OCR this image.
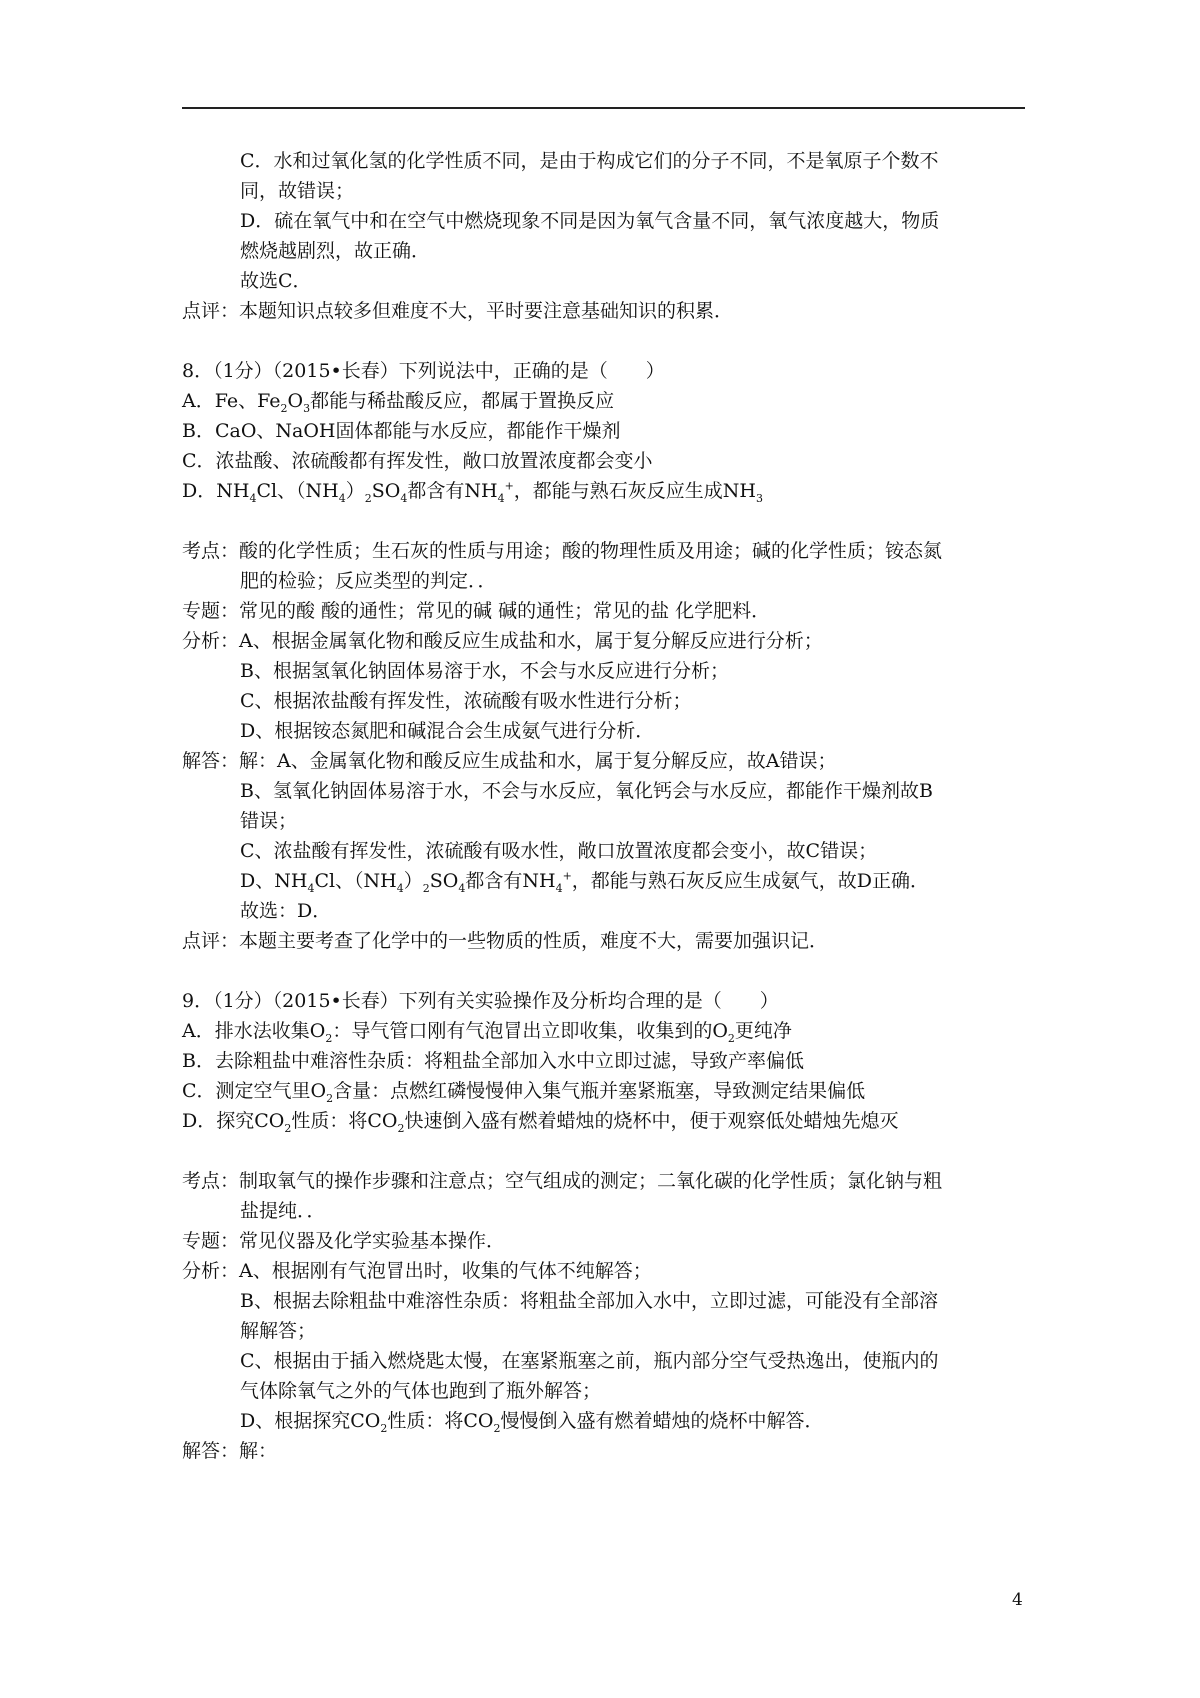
C．水和过氧化氢的化学性质不同，是由于构成它们的分子不同，不是氧原子个数不
同，故错误；
D．硫在氧气中和在空气中燃烧现象不同是因为氧气含量不同，氧气浓度越大，物质
燃烧越剧烈，故正确．
故选C．
点评：本题知识点较多但难度不大，平时要注意基础知识的积累．
8．（1分）（2015•长春）下列说法中，正确的是（　　）
A．Fe、$Fe_2O_3$都能与稀盐酸反应，都属于置换反应
B．CaO、NaOH固体都能与水反应，都能作干燥剂
C．浓盐酸、浓硫酸都有挥发性，敞口放置浓度都会变小
D．$NH_4Cl$、$(NH_4)_2SO_4$都含有$NH_4^+$，都能与熟石灰反应生成$NH_3$
考点：酸的化学性质；生石灰的性质与用途；酸的物理性质及用途；碱的化学性质；铵态氮
肥的检验；反应类型的判定．．
专题：常见的酸 酸的通性；常见的碱 碱的通性；常见的盐 化学肥料．
分析：A、根据金属氧化物和酸反应生成盐和水，属于复分解反应进行分析；
B、根据氢氧化钠固体易溶于水，不会与水反应进行分析；
C、根据浓盐酸有挥发性，浓硫酸有吸水性进行分析；
D、根据铵态氮肥和碱混合会生成氨气进行分析．
解答：解：A、金属氧化物和酸反应生成盐和水，属于复分解反应，故A错误；
B、氢氧化钠固体易溶于水，不会与水反应，氧化钙会与水反应，都能作干燥剂故B
错误；
C、浓盐酸有挥发性，浓硫酸有吸水性，敞口放置浓度都会变小，故C错误；
D、$NH_4Cl$、$(NH_4)_2SO_4$都含有$NH_4^+$，都能与熟石灰反应生成氨气，故D正确．
故选：D．
点评：本题主要考查了化学中的一些物质的性质，难度不大，需要加强识记．
9．（1分）（2015•长春）下列有关实验操作及分析均合理的是（　　）
A．排水法收集$O_2$：导气管口刚有气泡冒出立即收集，收集到的$O_2$更纯净
B．去除粗盐中难溶性杂质：将粗盐全部加入水中立即过滤，导致产率偏低
C．测定空气里$O_2$含量：点燃红磷慢慢伸入集气瓶并塞紧瓶塞，导致测定结果偏低
D．探究$CO_2$性质：将$CO_2$快速倒入盛有燃着蜡烛的烧杯中，便于观察低处蜡烛先熄灭
考点：制取氧气的操作步骤和注意点；空气组成的测定；二氧化碳的化学性质；氯化钠与粗
盐提纯．．
专题：常见仪器及化学实验基本操作．
分析：A、根据刚有气泡冒出时，收集的气体不纯解答；
B、根据去除粗盐中难溶性杂质：将粗盐全部加入水中，立即过滤，可能没有全部溶
解解答；
C、根据由于插入燃烧匙太慢，在塞紧瓶塞之前，瓶内部分空气受热逸出，使瓶内的
气体除氧气之外的气体也跑到了瓶外解答；
D、根据探究$CO_2$性质：将$CO_2$慢慢倒入盛有燃着蜡烛的烧杯中解答．
解答：解：
4
